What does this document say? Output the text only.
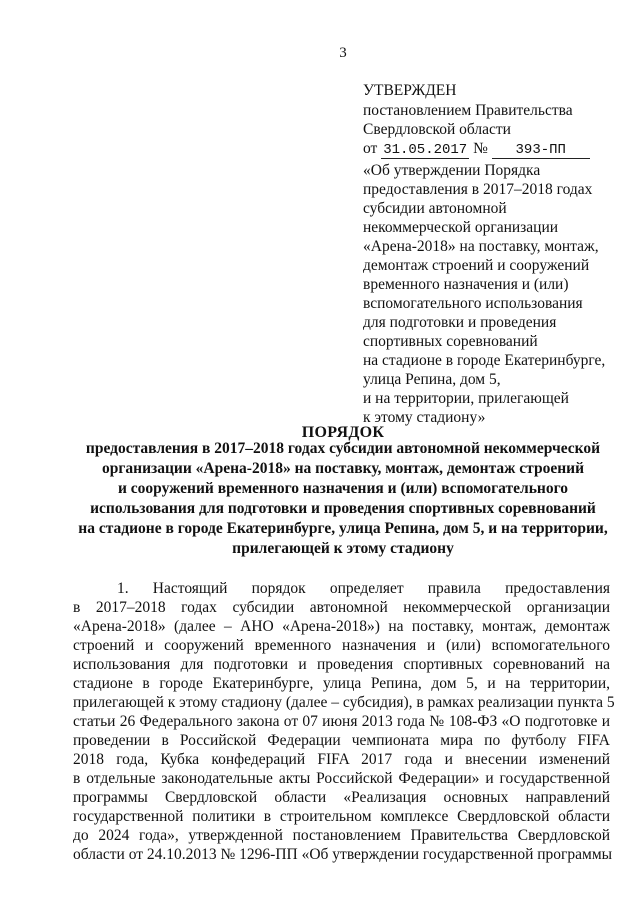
3
УТВЕРЖДЕН
постановлением Правительства
Свердловской области
от 31.05.2017 № 393-ПП
«Об утверждении Порядка
предоставления в 2017–2018 годах
субсидии автономной
некоммерческой организации
«Арена-2018» на поставку, монтаж,
демонтаж строений и сооружений
временного назначения и (или)
вспомогательного использования
для подготовки и проведения
спортивных соревнований
на стадионе в городе Екатеринбурге,
улица Репина, дом 5,
и на территории, прилегающей
к этому стадиону»
ПОРЯДОК
предоставления в 2017–2018 годах субсидии автономной некоммерческой
организации «Арена-2018» на поставку, монтаж, демонтаж строений
и сооружений временного назначения и (или) вспомогательного
использования для подготовки и проведения спортивных соревнований
на стадионе в городе Екатеринбурге, улица Репина, дом 5, и на территории,
прилегающей к этому стадиону
1. Настоящий порядок определяет правила предоставления
в 2017–2018 годах субсидии автономной некоммерческой организации
«Арена-2018» (далее – АНО «Арена-2018») на поставку, монтаж, демонтаж
строений и сооружений временного назначения и (или) вспомогательного
использования для подготовки и проведения спортивных соревнований на
стадионе в городе Екатеринбурге, улица Репина, дом 5, и на территории,
прилегающей к этому стадиону (далее – субсидия), в рамках реализации пункта 5
статьи 26 Федерального закона от 07 июня 2013 года № 108-ФЗ «О подготовке и
проведении в Российской Федерации чемпионата мира по футболу FIFA
2018 года, Кубка конфедераций FIFA 2017 года и внесении изменений
в отдельные законодательные акты Российской Федерации» и государственной
программы Свердловской области «Реализация основных направлений
государственной политики в строительном комплексе Свердловской области
до 2024 года», утвержденной постановлением Правительства Свердловской
области от 24.10.2013 № 1296-ПП «Об утверждении государственной программы
